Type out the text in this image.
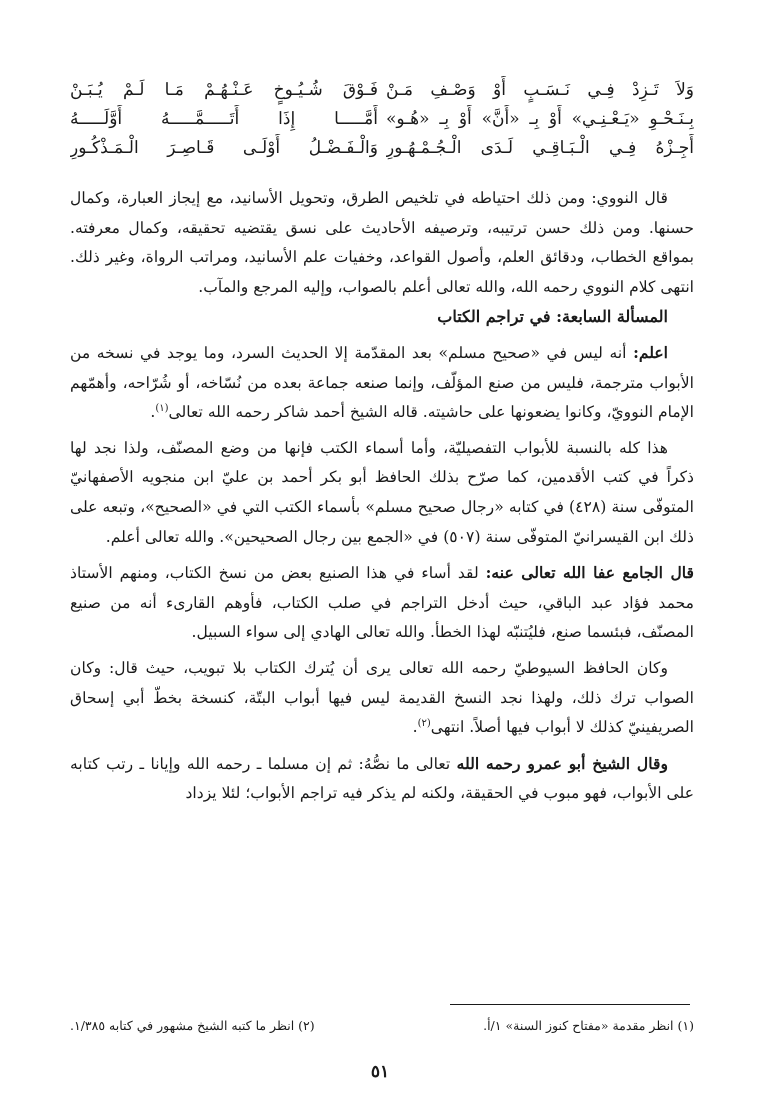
وَلاَ تَـزِدْ فِـي نَـسَـبٍ أَوْ وَصْـفِ مَـنْ
فَـوْقَ شُـيُـوخٍ عَـنْـهُـمْ مَـا لَـمْ يُـبَـنْ
بِـنَـحْـوِ «يَـعْـنِـي» أَوْ بِـ «أَنَّ» أَوْ بِـ «هُـو»
أَمَّـــــا إِذَا أَتَـــــمَّـــــهُ أَوَّلَـــــهُ
أَجِـزْهُ فِـي الْـبَـاقِـي لَـدَى الْـجُـمْـهُـورِ
وَالْـفَـضْـلُ أَوْلَـى قَـاصِـرَ الْـمَـذْكُـورِ

قال النووي: ومن ذلك احتياطه في تلخيص الطرق، وتحويل الأسانيد، مع إيجاز العبارة، وكمال حسنها. ومن ذلك حسن ترتيبه، وترصيفه الأحاديث على نسق يقتضيه تحقيقه، وكمال معرفته. بمواقع الخطاب، ودقائق العلم، وأصول القواعد، وخفيات علم الأسانيد، ومراتب الرواة، وغير ذلك. انتهى كلام النووي رحمه الله، والله تعالى أعلم بالصواب، وإليه المرجع والمآب.

المسألة السابعة: في تراجم الكتاب

اعلم: أنه ليس في «صحيح مسلم» بعد المقدّمة إلا الحديث السرد، وما يوجد في نسخه من الأبواب مترجمة، فليس من صنع المؤلّف، وإنما صنعه جماعة بعده من نُسّاخه، أو شُرّاحه، وأهمّهم الإمام النوويّ، وكانوا يضعونها على حاشيته. قاله الشيخ أحمد شاكر رحمه الله تعالى$^{(١)}$.

هذا كله بالنسبة للأبواب التفصيليّة، وأما أسماء الكتب فإنها من وضع المصنّف، ولذا نجد لها ذكراً في كتب الأقدمين، كما صرّح بذلك الحافظ أبو بكر أحمد بن عليّ ابن منجويه الأصفهانيّ المتوفّى سنة (٤٢٨) في كتابه «رجال صحيح مسلم» بأسماء الكتب التي في «الصحيح»، وتبعه على ذلك ابن القيسرانيّ المتوفّى سنة (٥٠٧) في «الجمع بين رجال الصحيحين». والله تعالى أعلم.

قال الجامع عفا الله تعالى عنه: لقد أساء في هذا الصنيع بعض من نسخ الكتاب، ومنهم الأستاذ محمد فؤاد عبد الباقي، حيث أدخل التراجم في صلب الكتاب، فأوهم القارىء أنه من صنيع المصنّف، فبئسما صنع، فليُتنبّه لهذا الخطأ. والله تعالى الهادي إلى سواء السبيل.

وكان الحافظ السيوطيّ رحمه الله تعالى يرى أن يُترك الكتاب بلا تبويب، حيث قال: وكان الصواب ترك ذلك، ولهذا نجد النسخ القديمة ليس فيها أبواب البتّة، كنسخة بخطّ أبي إسحاق الصريفينيّ كذلك لا أبواب فيها أصلاً. انتهى$^{(٢)}$.

وقال الشيخ أبو عمرو رحمه الله تعالى ما نصُّهُ: ثم إن مسلما ـ رحمه الله وإيانا ـ رتب كتابه على الأبواب، فهو مبوب في الحقيقة، ولكنه لم يذكر فيه تراجم الأبواب؛ لئلا يزداد

(١) انظر مقدمة «مفتاح كنوز السنة» ١/أ.
(٢) انظر ما كتبه الشيخ مشهور في كتابه ١/٣٨٥.
٥١
